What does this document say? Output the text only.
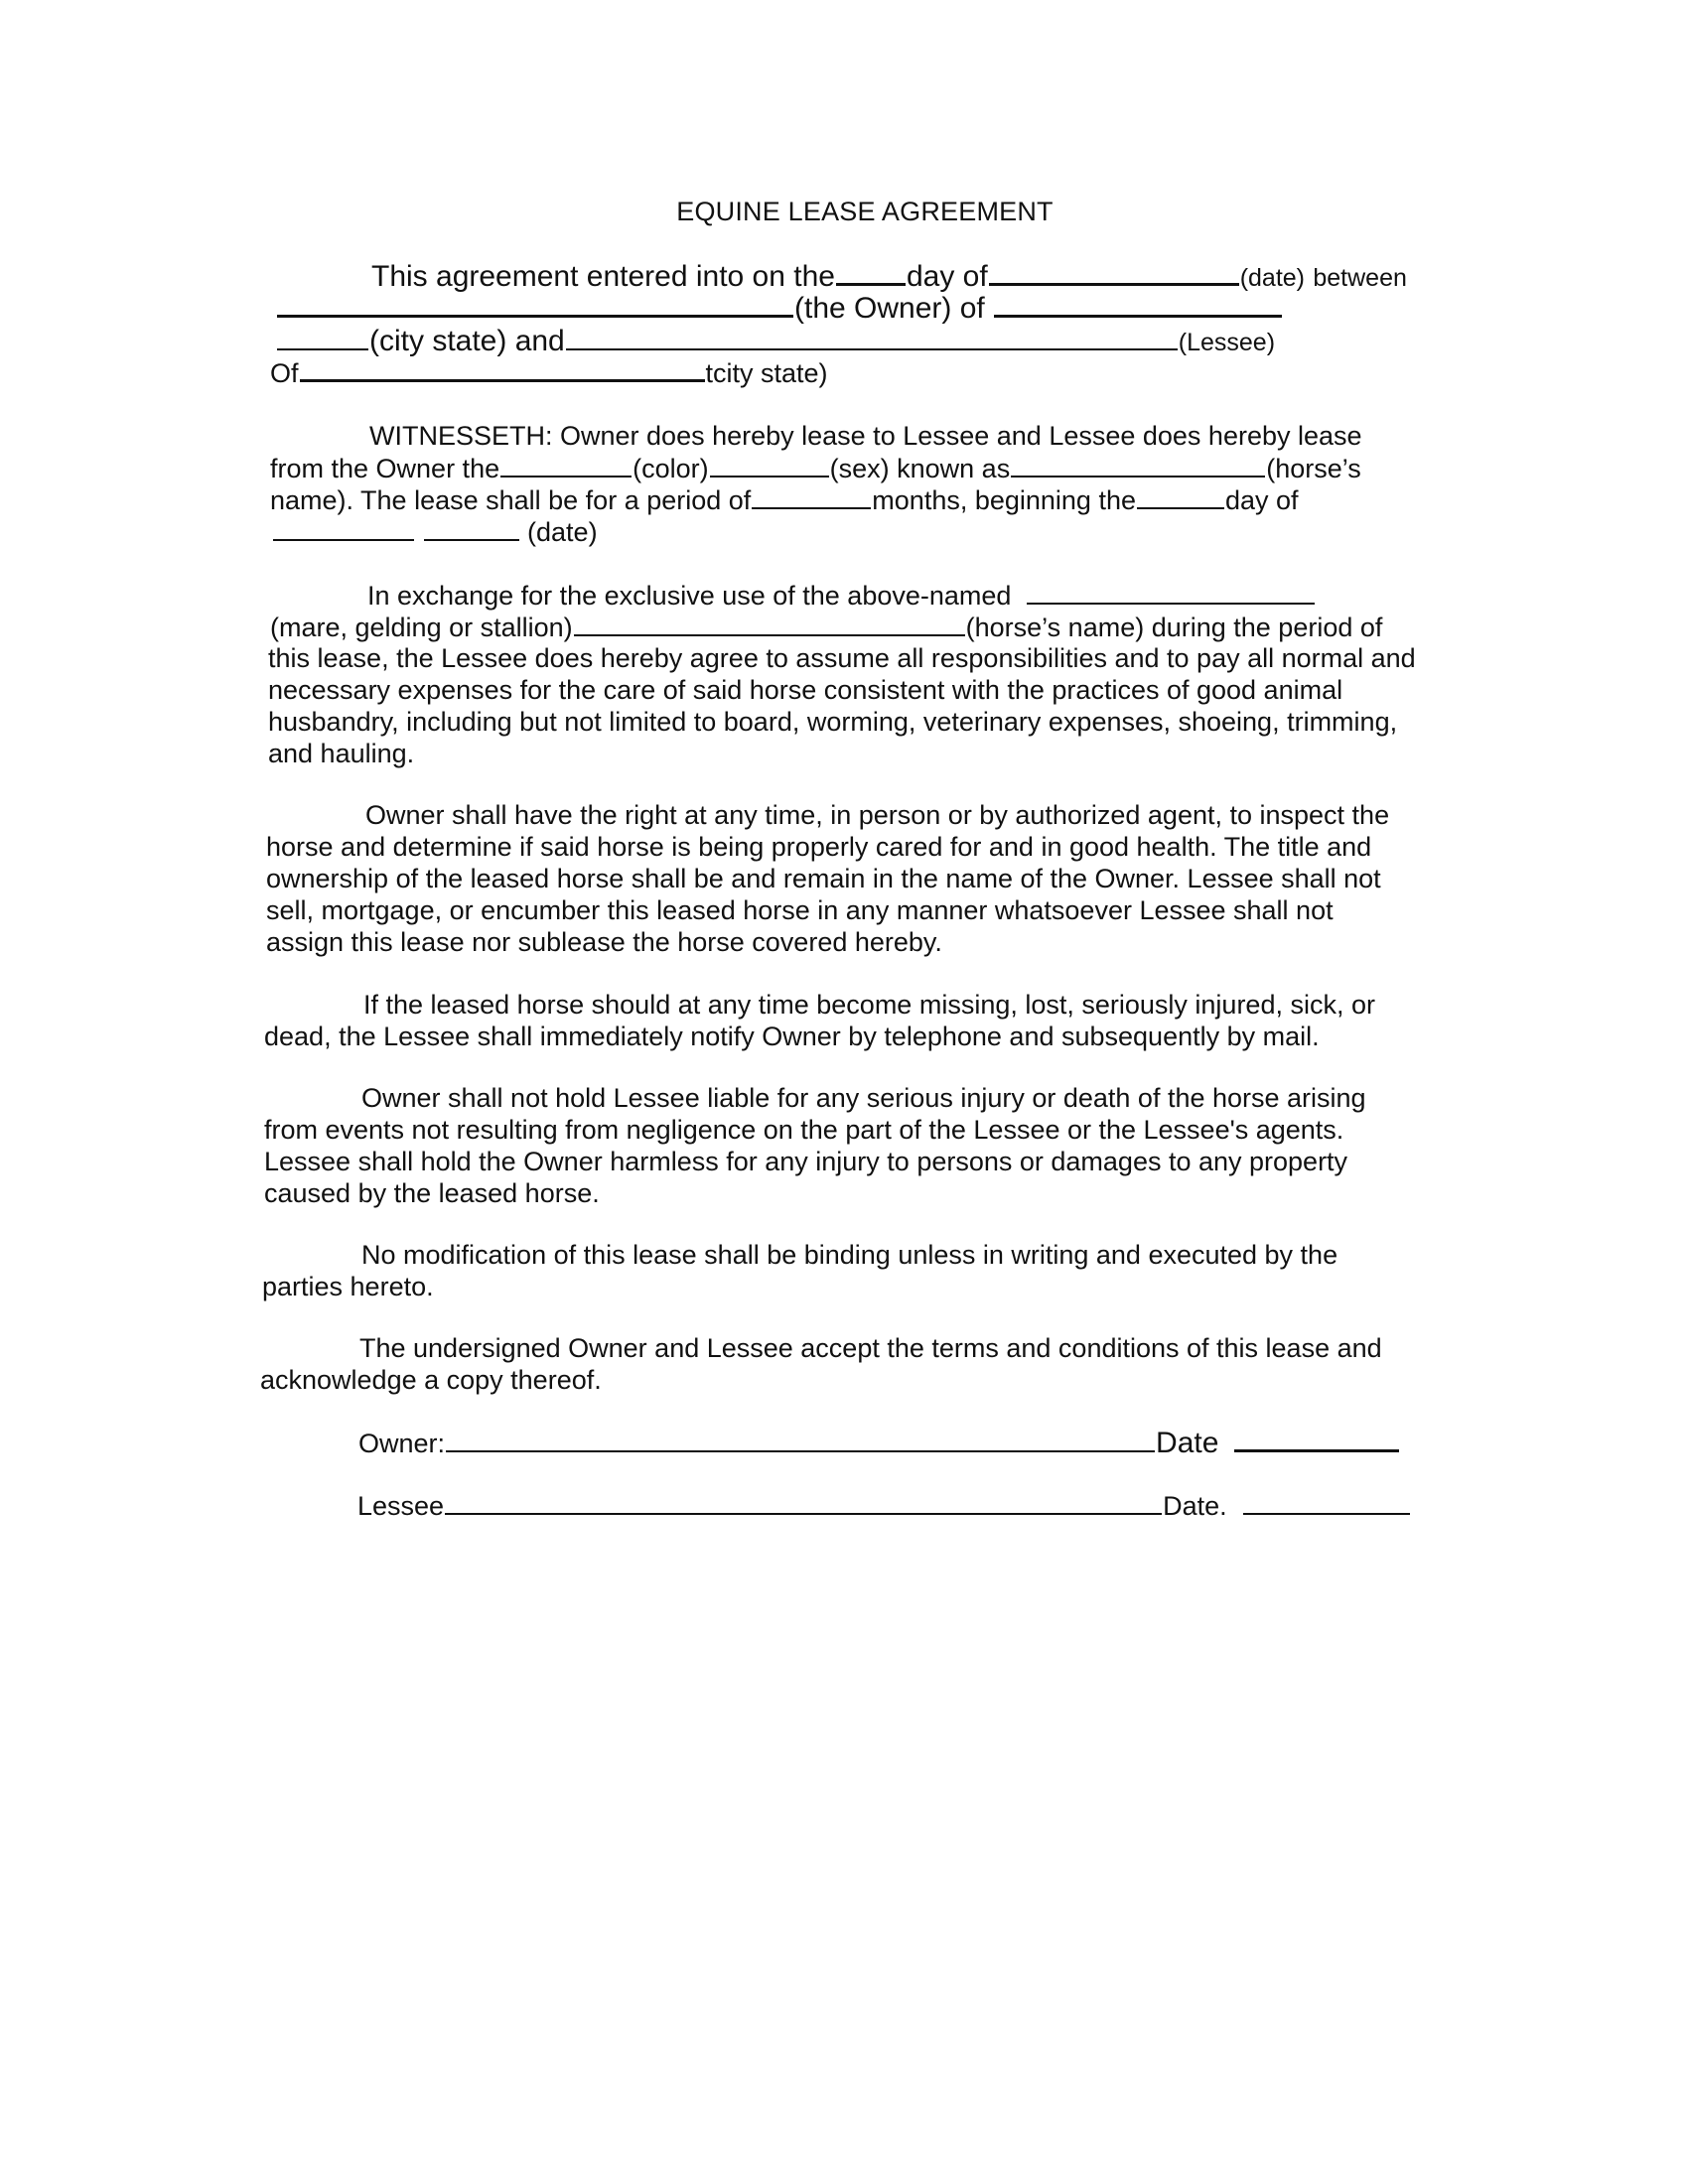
EQUINE LEASE AGREEMENT
This agreement entered into on the day of	(date) between
(the Owner) of
(city state) and	(Lessee)
Of	tcity state)
WITNESSETH: Owner does hereby lease to Lessee and Lessee does hereby lease
from the Owner the	(color)	(sex) known as	(horse’s
name). The lease shall be for a period of	months, beginning the	day of
(date)
In exchange for the exclusive use of the above-named
(mare, gelding or stallion)	(horse’s name) during the period of
this lease, the Lessee does hereby agree to assume all responsibilities and to pay all normal and
necessary expenses for the care of said horse consistent with the practices of good animal
husbandry, including but not limited to board, worming, veterinary expenses, shoeing, trimming,
and hauling.
Owner shall have the right at any time, in person or by authorized agent, to inspect the
horse and determine if said horse is being properly cared for and in good health. The title and
ownership of the leased horse shall be and remain in the name of the Owner. Lessee shall not
sell, mortgage, or encumber this leased horse in any manner whatsoever Lessee shall not
assign this lease nor sublease the horse covered hereby.
If the leased horse should at any time become missing, lost, seriously injured, sick, or
dead, the Lessee shall immediately notify Owner by telephone and subsequently by mail.
Owner shall not hold Lessee liable for any serious injury or death of the horse arising
from events not resulting from negligence on the part of the Lessee or the Lessee's agents.
Lessee shall hold the Owner harmless for any injury to persons or damages to any property
caused by the leased horse.
No modification of this lease shall be binding unless in writing and executed by the
parties hereto.
The undersigned Owner and Lessee accept the terms and conditions of this lease and
acknowledge a copy thereof.
Owner:	Date
Lessee	Date.
